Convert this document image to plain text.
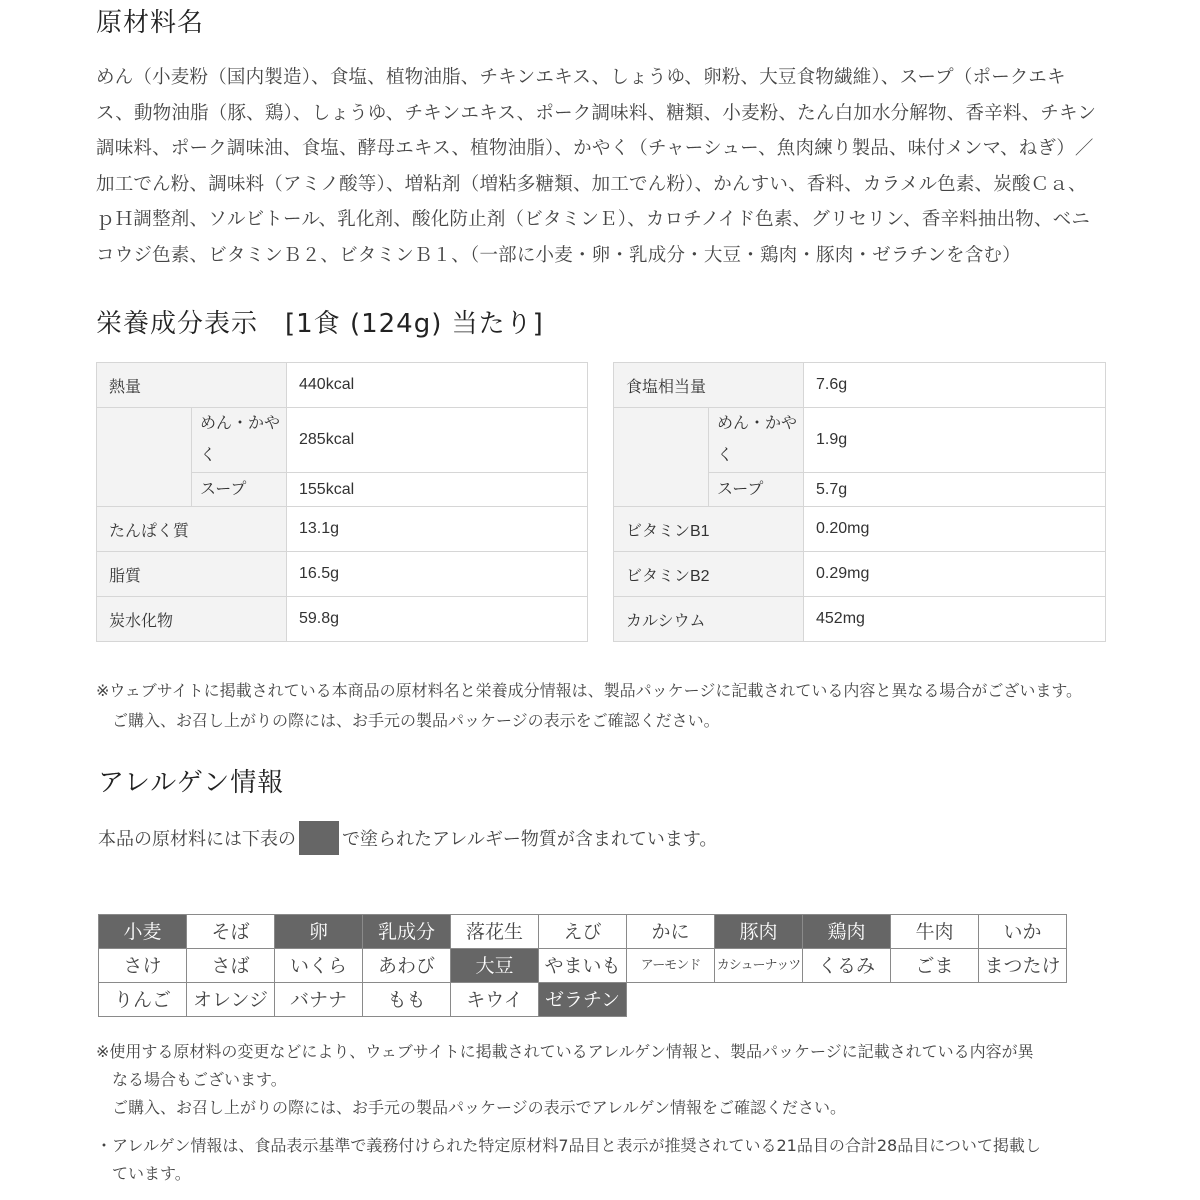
原材料名
めん（小麦粉（国内製造）、食塩、植物油脂、チキンエキス、しょうゆ、卵粉、大豆食物繊維）、スープ（ポークエキ
ス、動物油脂（豚、鶏）、しょうゆ、チキンエキス、ポーク調味料、糖類、小麦粉、たん白加水分解物、香辛料、チキン
調味料、ポーク調味油、食塩、酵母エキス、植物油脂）、かやく（チャーシュー、魚肉練り製品、味付メンマ、ねぎ）／
加工でん粉、調味料（アミノ酸等）、増粘剤（増粘多糖類、加工でん粉）、かんすい、香料、カラメル色素、炭酸Ｃａ、
ｐＨ調整剤、ソルビトール、乳化剤、酸化防止剤（ビタミンＥ）、カロチノイド色素、グリセリン、香辛料抽出物、ベニ
コウジ色素、ビタミンＢ２、ビタミンＢ１、（一部に小麦・卵・乳成分・大豆・鶏肉・豚肉・ゼラチンを含む）
栄養成分表示　[1食 (124g) 当たり]
熱量		440kcal
	めん・かやく	285kcal
	スープ	155kcal
たんぱく質		13.1g
脂質		16.5g
炭水化物		59.8g
食塩相当量		7.6g
	めん・かやく	1.9g
	スープ	5.7g
ビタミンB1		0.20mg
ビタミンB2		0.29mg
カルシウム		452mg
※ウェブサイトに掲載されている本商品の原材料名と栄養成分情報は、製品パッケージに記載されている内容と異なる場合がございます。
ご購入、お召し上がりの際には、お手元の製品パッケージの表示をご確認ください。
アレルゲン情報
本品の原材料には下表の	で塗られたアレルギー物質が含まれています。
小麦	そば	卵	乳成分	落花生	えび	かに	豚肉	鶏肉	牛肉	いか
さけ	さば	いくら	あわび	大豆	やまいも	アーモンド	カシューナッツ	くるみ	ごま	まつたけ
りんご	オレンジ	バナナ	もも	キウイ	ゼラチン					
※使用する原材料の変更などにより、ウェブサイトに掲載されているアレルゲン情報と、製品パッケージに記載されている内容が異
なる場合もございます。
ご購入、お召し上がりの際には、お手元の製品パッケージの表示でアレルゲン情報をご確認ください。
・アレルゲン情報は、食品表示基準で義務付けられた特定原材料7品目と表示が推奨されている21品目の合計28品目について掲載し
ています。
